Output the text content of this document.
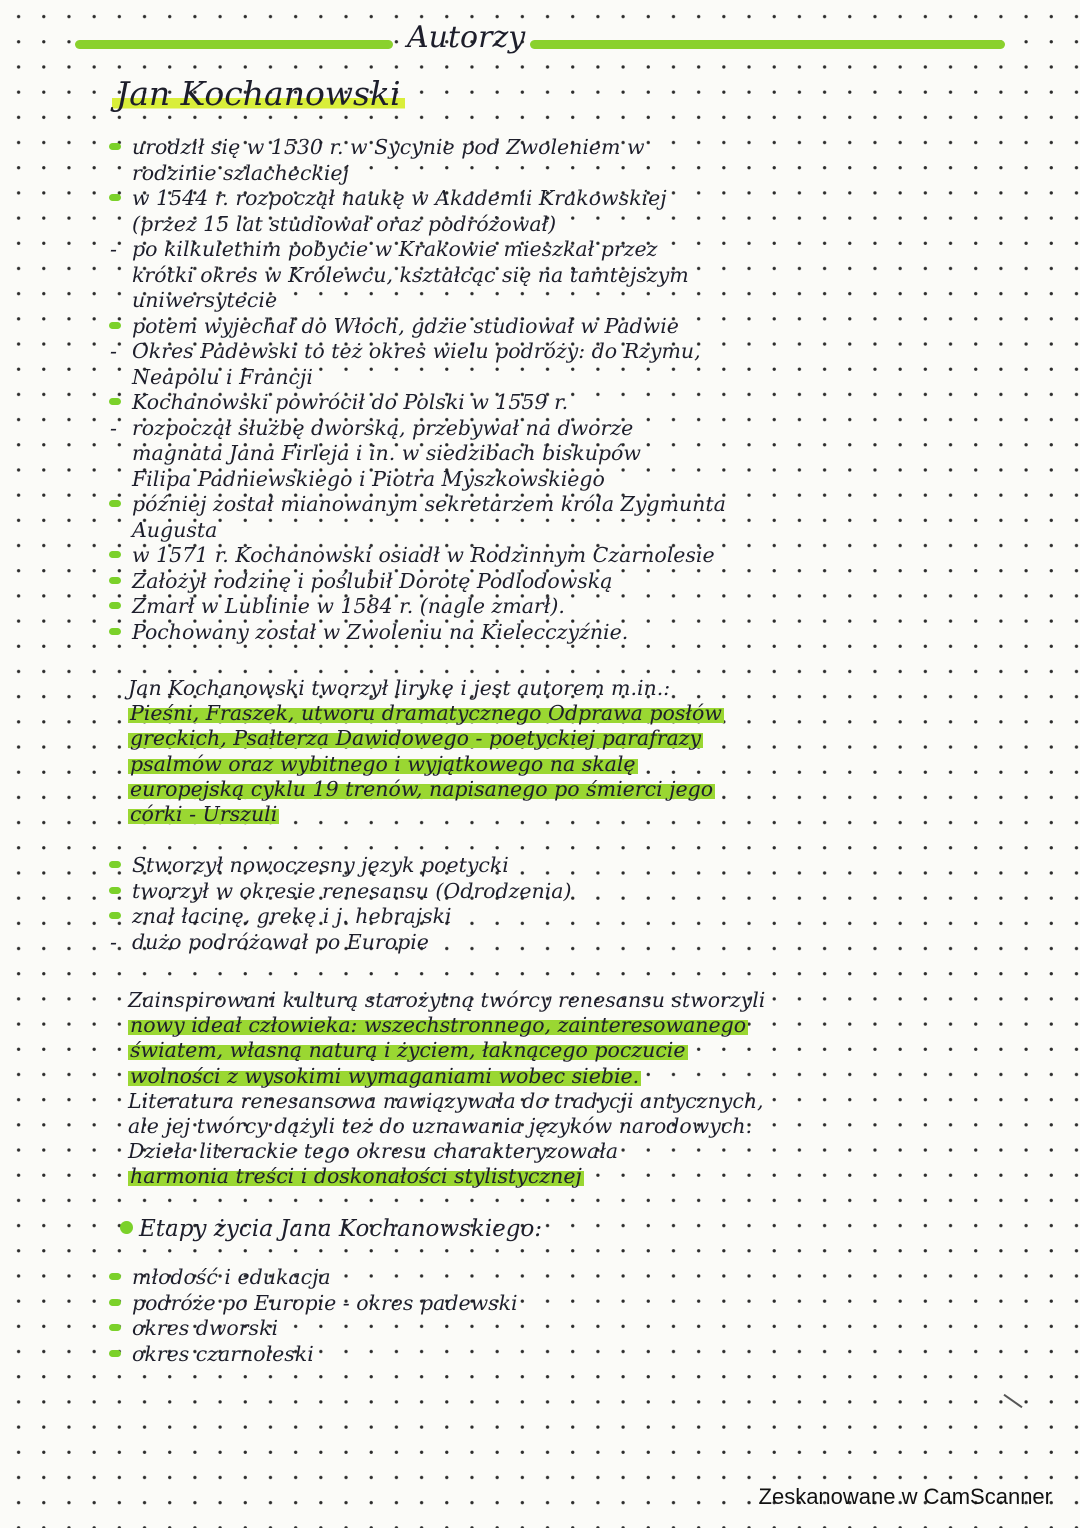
Autorzy
Jan Kochanowski
urodził się w 1530 r. w Sycynie pod Zwoleniem w
rodzinie szlacheckiej
w 1544 r. rozpoczął naukę w Akademii Krakowskiej
(przez 15 lat studiował oraz podróżował)
- po kilkuletnim pobycie w Krakowie mieszkał przez
krótki okres w Królewcu, kształcąc się na tamtejszym
uniwersytecie
potem wyjechał do Włoch, gdzie studiował w Padwie
- Okres Padewski to też okres wielu podróży: do Rzymu,
Neapolu i Francji
Kochanowski powrócił do Polski w 1559 r.
- rozpoczął służbę dworską, przebywał na dworze
magnata Jana Firleja i in. w siedzibach biskupów
Filipa Padniewskiego i Piotra Myszkowskiego
później został mianowanym sekretarzem króla Zygmunta
Augusta
w 1571 r. Kochanowski osiadł w Rodzinnym Czarnolesie
Założył rodzinę i poślubił Dorotę Podlodowską
Zmarł w Lublinie w 1584 r. (nagle zmarł).
Pochowany został w Zwoleniu na Kielecczyźnie.
Jan Kochanowski tworzył liryke i jest autorem m.in.:
Pieśni, Fraszek, utworu dramatycznego Odprawa posłów
greckich, Psałterza Dawidowego - poetyckiej parafrazy
psalmów oraz wybitnego i wyjątkowego na skalę
europejską cyklu 19 trenów, napisanego po śmierci jego
córki - Urszuli
Stworzył nowoczesny język poetycki
tworzył w okresie renesansu (Odrodzenia)
znał łacinę, grekę i j. hebrajski
- dużo podróżował po Europie
Zainspirowani kulturą starożytną twórcy renesansu stworzyli
nowy ideał człowieka: wszechstronnego, zainteresowanego
światem, własną naturą i życiem, łaknącego poczucie
wolności z wysokimi wymaganiami wobec siebie.
Literatura renesansowa nawiązywała do tradycji antycznych,
ale jej twórcy dążyli też do uznawania języków narodowych.
Dzieła literackie tego okresu charakteryzowała
harmonia treści i doskonałości stylistycznej
Etapy życia Jana Kochanowskiego:
młodość i edukacja
podróże po Europie - okres padewski
okres dworski
okres czarnoleski
Zeskanowane w CamScanner
